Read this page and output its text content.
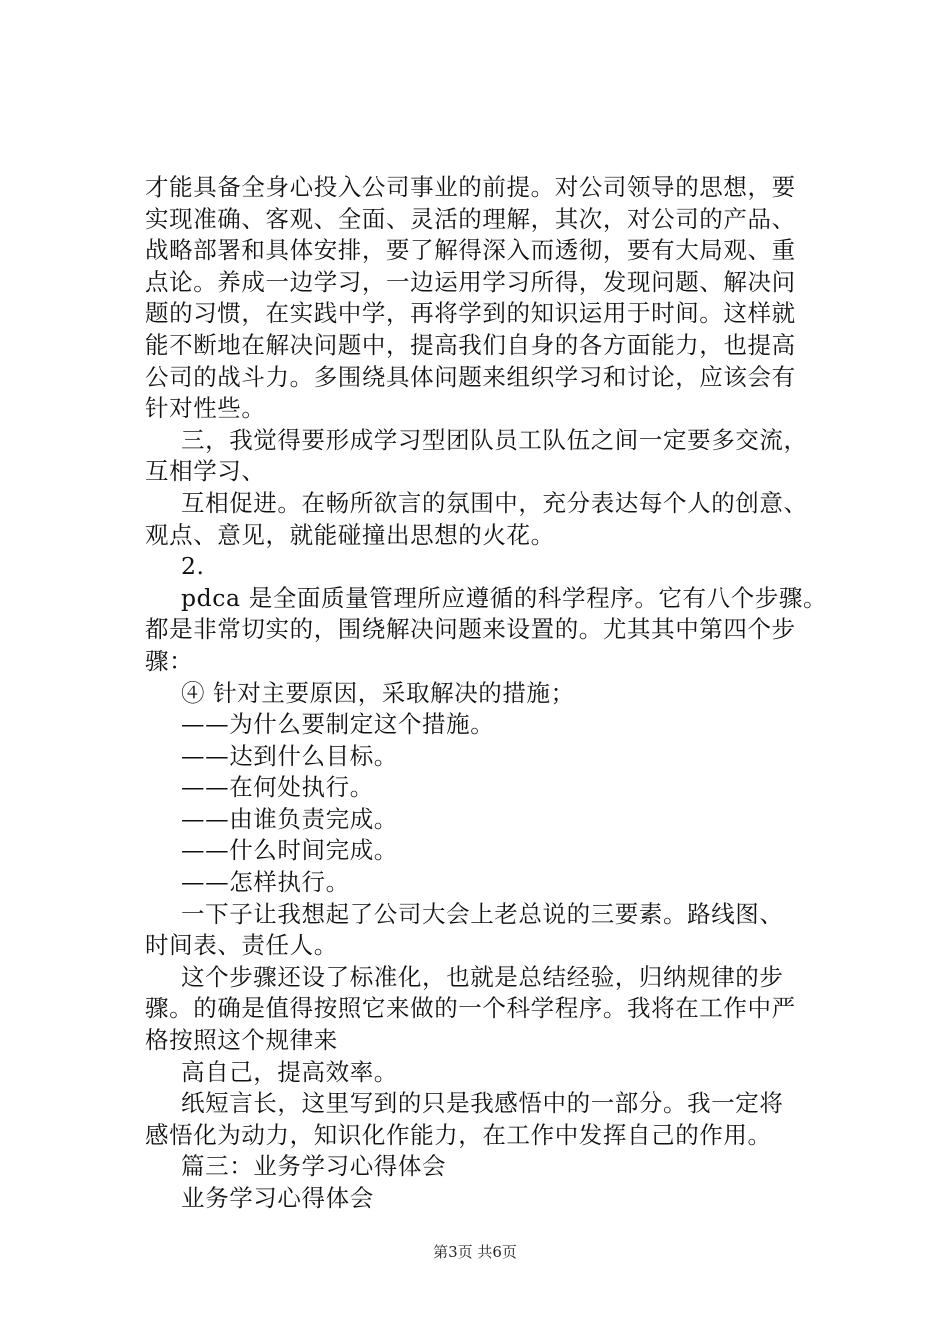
才能具备全身心投入公司事业的前提。对公司领导的思想，要
实现准确、客观、全面、灵活的理解，其次，对公司的产品、
战略部署和具体安排，要了解得深入而透彻，要有大局观、重
点论。养成一边学习，一边运用学习所得，发现问题、解决问
题的习惯，在实践中学，再将学到的知识运用于时间。这样就
能不断地在解决问题中，提高我们自身的各方面能力，也提高
公司的战斗力。多围绕具体问题来组织学习和讨论，应该会有
针对性些。
三，我觉得要形成学习型团队员工队伍之间一定要多交流，
互相学习、
互相促进。在畅所欲言的氛围中，充分表达每个人的创意、
观点、意见，就能碰撞出思想的火花。
2.
pdca 是全面质量管理所应遵循的科学程序。它有八个步骤。
都是非常切实的，围绕解决问题来设置的。尤其其中第四个步
骤：
④ 针对主要原因，采取解决的措施；
——为什么要制定这个措施。
——达到什么目标。
——在何处执行。
——由谁负责完成。
——什么时间完成。
——怎样执行。
一下子让我想起了公司大会上老总说的三要素。路线图、
时间表、责任人。
这个步骤还设了标准化，也就是总结经验，归纳规律的步
骤。的确是值得按照它来做的一个科学程序。我将在工作中严
格按照这个规律来
高自己，提高效率。
纸短言长，这里写到的只是我感悟中的一部分。我一定将
感悟化为动力，知识化作能力，在工作中发挥自己的作用。
篇三：业务学习心得体会
业务学习心得体会
第3页 共6页
